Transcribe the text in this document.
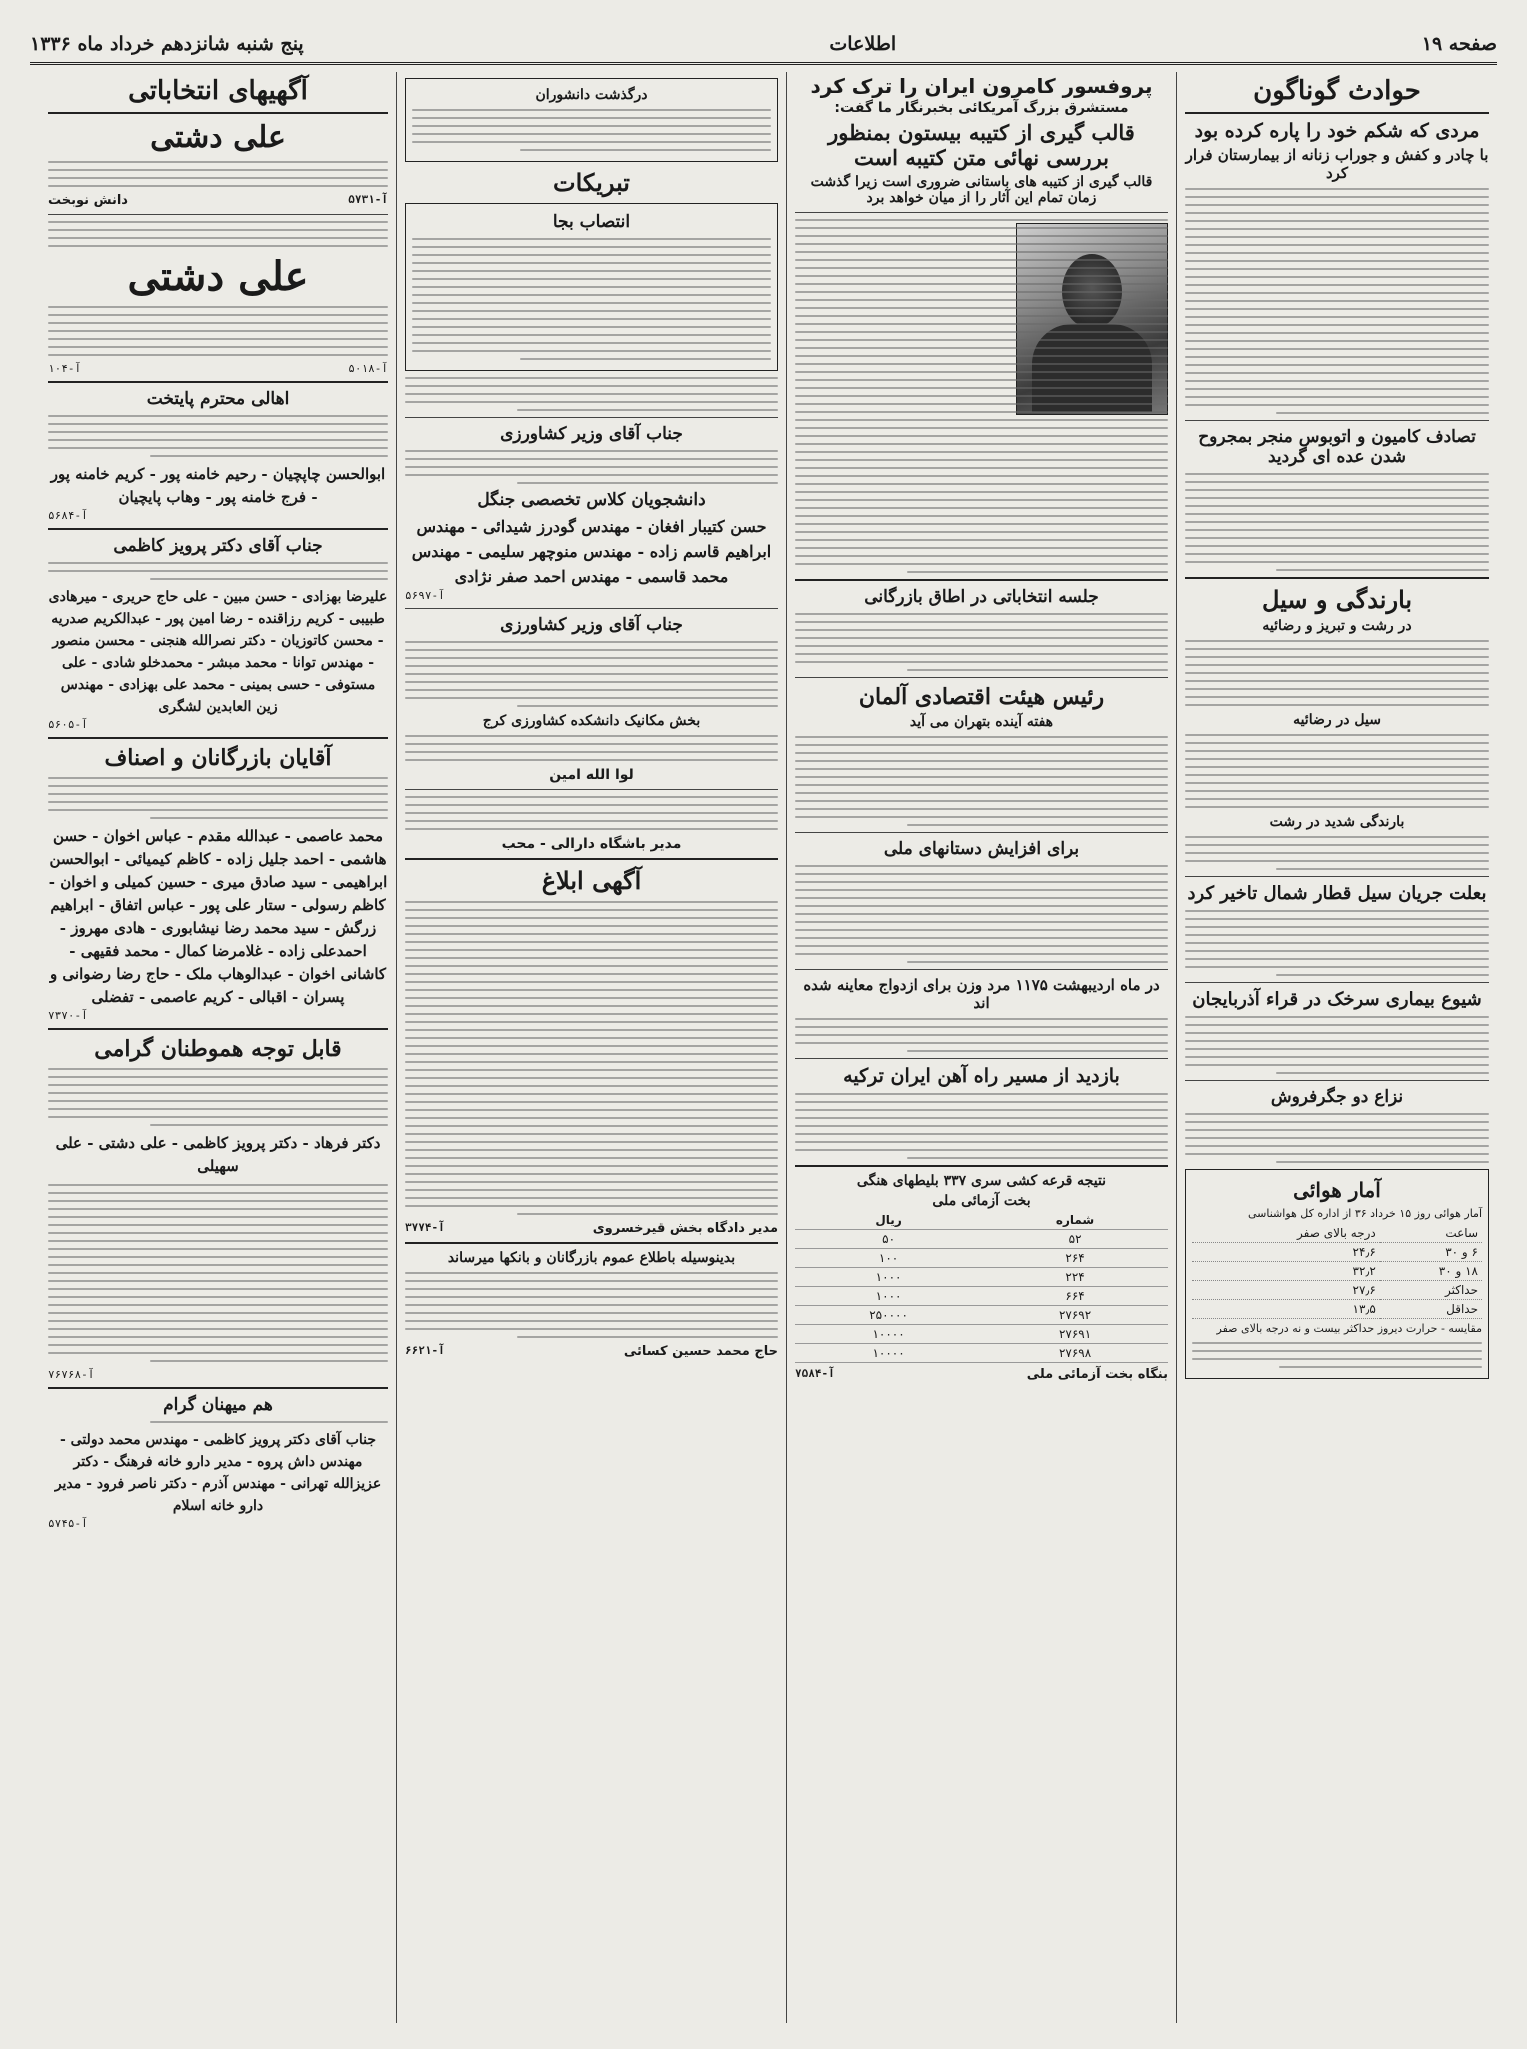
صفحه ۱۹
اطلاعات
پنج شنبه شانزدهم خرداد ماه ۱۳۳۶
حوادث گوناگون
مردی که شکم خود را پاره کرده بود
با چادر و کفش و جوراب زنانه از بیمارستان فرار کرد
تصادف کامیون و اتوبوس منجر بمجروح شدن عده ای گردید
بارندگی و سیل
در رشت و تبریز و رضائیه
سیل در رضائیه
بارندگی شدید در رشت
بعلت جریان سیل قطار شمال تاخیر کرد
شیوع بیماری سرخک در قراء آذربایجان
نزاع دو جگرفروش
آمار هوائی

آمار هوائی روز ۱۵ خرداد ۳۶ از اداره کل هواشناسی

ساعت	درجه بالای صفر
۶ و ۳۰	۲۴٫۶
۱۸ و ۳۰	۳۲٫۲
حداکثر	۲۷٫۶
حداقل	۱۳٫۵

مقایسه - حرارت دیروز حداکثر بیست و نه درجه بالای صفر

پروفسور کامرون ایران را ترک کرد
مستشرق بزرگ آمریکائی بخبرنگار ما گفت:
قالب گیری از کتیبه بیستون بمنظور بررسی نهائی متن کتیبه است
قالب گیری از کتیبه های باستانی ضروری است زیرا گذشت زمان تمام این آثار را از میان خواهد برد
جلسه انتخاباتی در اطاق بازرگانی
رئیس هیئت اقتصادی آلمان
هفته آینده بتهران می آید
برای افزایش دستانهای ملی
در ماه اردیبهشت ۱۱۷۵ مرد وزن برای ازدواج معاینه شده اند
بازدید از مسیر راه آهن ایران ترکیه
نتیجه قرعه کشی سری ۳۳۷ بلیطهای هنگی
بخت آزمائی ملی
شماره	ریال
۵۲	۵۰
۲۶۴	۱۰۰
۲۲۴	۱۰۰۰
۶۶۴	۱۰۰۰
۲۷۶۹۲	۲۵۰۰۰۰
۲۷۶۹۱	۱۰۰۰۰
۲۷۶۹۸	۱۰۰۰۰
بنگاه بخت آزمائی ملی
آ-۷۵۸۴
درگذشت دانشوران
تبریکات
انتصاب بجا
جناب آقای وزیر کشاورزی
دانشجویان کلاس تخصصی جنگل
حسن کتیبار افغان - مهندس گودرز شیدائی - مهندس ابراهیم قاسم زاده - مهندس منوچهر سلیمی - مهندس محمد قاسمی - مهندس احمد صفر نژادی
آ-۵۶۹۷
جناب آقای وزیر کشاورزی
بخش مکانیک دانشکده کشاورزی کرج
لوا الله امین
مدیر باشگاه دارالی - محب
آگهی ابلاغ
مدیر دادگاه بخش قیرخسروی
آ-۳۷۷۴
بدینوسیله باطلاع عموم بازرگانان و بانکها میرساند
حاج محمد حسین کسائی
آ-۶۶۲۱
آگهیهای انتخاباتی
علی دشتی
آ-۵۷۳۱
دانش نوبخت
علی دشتی
آ-۵۰۱۸
آ-۱۰۴
اهالی محترم پایتخت
ابوالحسن چاپچیان - رحیم خامنه پور - کریم خامنه پور - فرج خامنه پور - وهاب پایچیان
آ-۵۶۸۴
جناب آقای دکتر پرویز کاظمی
علیرضا بهزادی - حسن مبین - علی حاج حریری - میرهادی طبیبی - کریم رزاقنده - رضا امین پور - عبدالکریم صدریه - محسن کاتوزیان - دکتر نصرالله هنجنی - محسن منصور - مهندس توانا - محمد مبشر - محمدخلو شادی - علی مستوفی - حسی بمینی - محمد علی بهزادی - مهندس زین العابدین لشگری
آ-۵۶۰۵
آقایان بازرگانان و اصناف
محمد عاصمی - عبدالله مقدم - عباس اخوان - حسن هاشمی - احمد جلیل زاده - کاظم کیمیائی - ابوالحسن ابراهیمی - سید صادق میری - حسین کمیلی و اخوان - کاظم رسولی - ستار علی پور - عباس اتفاق - ابراهیم زرگش - سید محمد رضا نیشابوری - هادی مهروز - احمدعلی زاده - غلامرضا کمال - محمد فقیهی - کاشانی اخوان - عبدالوهاب ملک - حاج رضا رضوانی و پسران - اقبالی - کریم عاصمی - تفضلی
آ-۷۳۷۰
قابل توجه هموطنان گرامی
دکتر فرهاد - دکتر پرویز کاظمی - علی دشتی - علی سهیلی
آ-۷۶۷۶۸
هم میهنان گرام
جناب آقای دکتر پرویز کاظمی - مهندس محمد دولتی - مهندس داش پروه - مدیر دارو خانه فرهنگ - دکتر عزیزالله تهرانی - مهندس آذرم - دکتر ناصر فرود - مدیر دارو خانه اسلام
آ-۵۷۴۵
